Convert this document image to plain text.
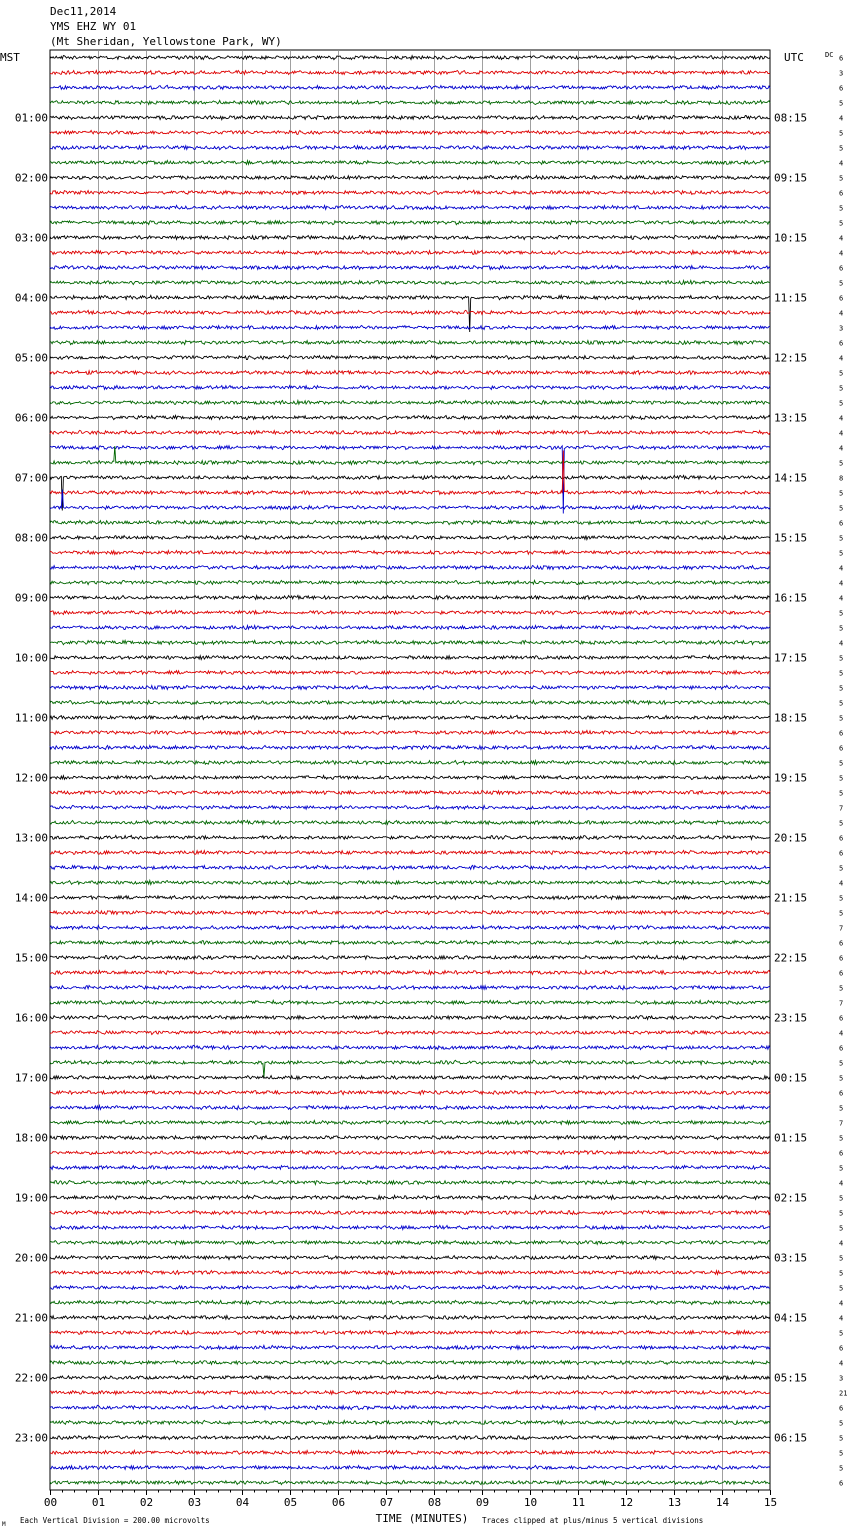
Dec11,2014
YMS EHZ WY 01
(Mt Sheridan, Yellowstone Park, WY)
00	01	02	03	04	05	06	07	08	09	10	11	12	13	14	15
6
3
6
5
4
01:00	08:15
5
5
4
5
02:00	09:15
6
5
5
4
03:00	10:15
4
6
5
6
04:00	11:15
4
3
6
4
05:00	12:15
5
5
5
4
06:00	13:15
4
4
5
8
07:00	14:15
5
5
6
5
08:00	15:15
5
4
4
4
09:00	16:15
5
5
4
5
10:00	17:15
5
5
5
5
11:00	18:15
6
6
5
5
12:00	19:15
5
7
5
6
13:00	20:15
6
5
4
5
14:00	21:15
5
7
6
6
15:00	22:15
6
5
7
6
16:00	23:15
4
6
5
5
17:00	00:15
6
5
7
5
18:00	01:15
6
5
4
5
19:00	02:15
5
5
4
5
20:00	03:15
5
5
4
4
21:00	04:15
5
6
4
3
22:00	05:15
21
6
5
5
23:00	06:15
5
5
6
MST	UTC	DC
TIME (MINUTES)
Each Vertical Division = 200.00 microvolts	Traces clipped at plus/minus 5 vertical divisions
M
